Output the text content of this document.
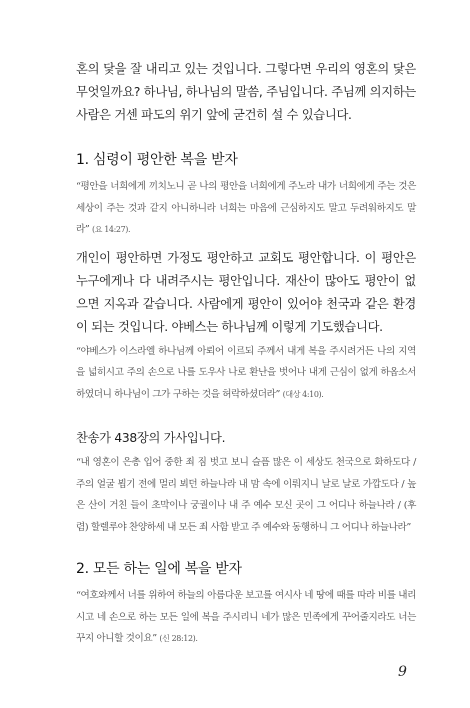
혼의 닻을 잘 내리고 있는 것입니다. 그렇다면 우리의 영혼의 닻은 무엇일까요? 하나님, 하나님의 말씀, 주님입니다. 주님께 의지하는 사람은 거센 파도의 위기 앞에 굳건히 설 수 있습니다.

1. 심령이 평안한 복을 받자

“평안을 너희에게 끼치노니 곧 나의 평안을 너희에게 주노라 내가 너희에게 주는 것은 세상이 주는 것과 같지 아니하니라 너희는 마음에 근심하지도 말고 두려워하지도 말라” (요 14:27).

개인이 평안하면 가정도 평안하고 교회도 평안합니다. 이 평안은 누구에게나 다 내려주시는 평안입니다. 재산이 많아도 평안이 없으면 지옥과 같습니다. 사람에게 평안이 있어야 천국과 같은 환경이 되는 것입니다. 야베스는 하나님께 이렇게 기도했습니다.

“야베스가 이스라엘 하나님께 아뢰어 이르되 주께서 내게 복을 주시려거든 나의 지역을 넓히시고 주의 손으로 나를 도우사 나로 환난을 벗어나 내게 근심이 없게 하옵소서 하였더니 하나님이 그가 구하는 것을 허락하셨더라” (대상 4:10).

찬송가 438장의 가사입니다.

“내 영혼이 은총 입어 중한 죄 짐 벗고 보니 슬픔 많은 이 세상도 천국으로 화하도다 / 주의 얼굴 뵙기 전에 멀리 뵈던 하늘나라 내 맘 속에 이뤄지니 날로 날로 가깝도다 / 높은 산이 거친 들이 초막이나 궁궐이나 내 주 예수 모신 곳이 그 어디나 하늘나라 / (후렴) 할렐루야 찬양하세 내 모든 죄 사함 받고 주 예수와 동행하니 그 어디나 하늘나라”

2. 모든 하는 일에 복을 받자

“여호와께서 너를 위하여 하늘의 아름다운 보고를 여시사 네 땅에 때를 따라 비를 내리시고 네 손으로 하는 모든 일에 복을 주시리니 네가 많은 민족에게 꾸어줄지라도 너는 꾸지 아니할 것이요” (신 28:12).

9
